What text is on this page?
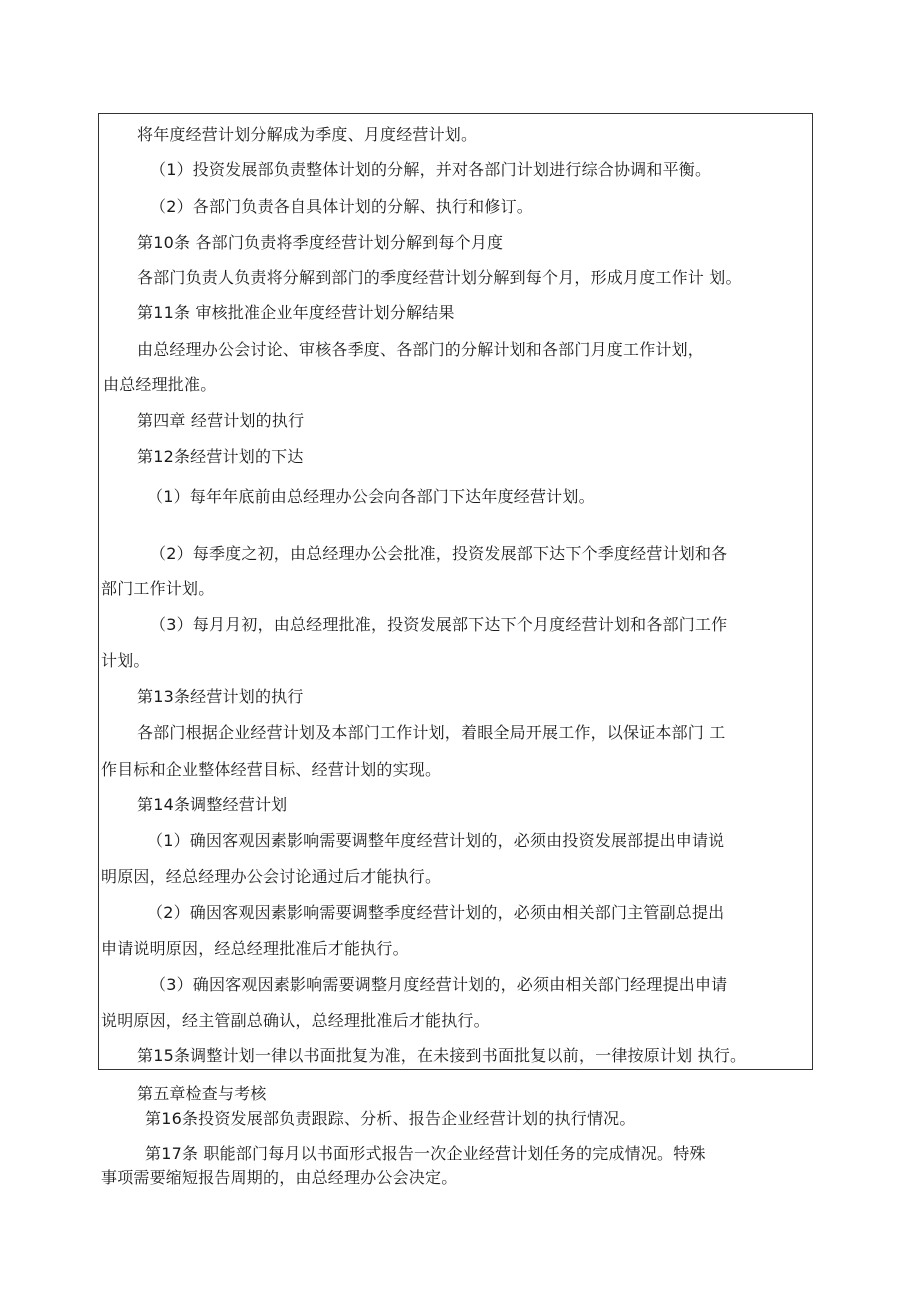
将年度经营计划分解成为季度、月度经营计划。
（1）投资发展部负责整体计划的分解，并对各部门计划进行综合协调和平衡。
（2）各部门负责各自具体计划的分解、执行和修订。
第10条 各部门负责将季度经营计划分解到每个月度
各部门负责人负责将分解到部门的季度经营计划分解到每个月，形成月度工作计 划。
第11条 审核批准企业年度经营计划分解结果
由总经理办公会讨论、审核各季度、各部门的分解计划和各部门月度工作计划，
由总经理批准。
第四章 经营计划的执行
第12条经营计划的下达
（1）每年年底前由总经理办公会向各部门下达年度经营计划。
（2）每季度之初，由总经理办公会批准，投资发展部下达下个季度经营计划和各
部门工作计划。
（3）每月月初，由总经理批准，投资发展部下达下个月度经营计划和各部门工作
计划。
第13条经营计划的执行
各部门根据企业经营计划及本部门工作计划，着眼全局开展工作，以保证本部门 工
作目标和企业整体经营目标、经营计划的实现。
第14条调整经营计划
（1）确因客观因素影响需要调整年度经营计划的，必须由投资发展部提出申请说
明原因，经总经理办公会讨论通过后才能执行。
（2）确因客观因素影响需要调整季度经营计划的，必须由相关部门主管副总提出
申请说明原因，经总经理批准后才能执行。
（3）确因客观因素影响需要调整月度经营计划的，必须由相关部门经理提出申请
说明原因，经主管副总确认，总经理批准后才能执行。
第15条调整计划一律以书面批复为准，在未接到书面批复以前，一律按原计划 执行。
第五章检查与考核
第16条投资发展部负责跟踪、分析、报告企业经营计划的执行情况。
第17条 职能部门每月以书面形式报告一次企业经营计划任务的完成情况。特殊
事项需要缩短报告周期的，由总经理办公会决定。
